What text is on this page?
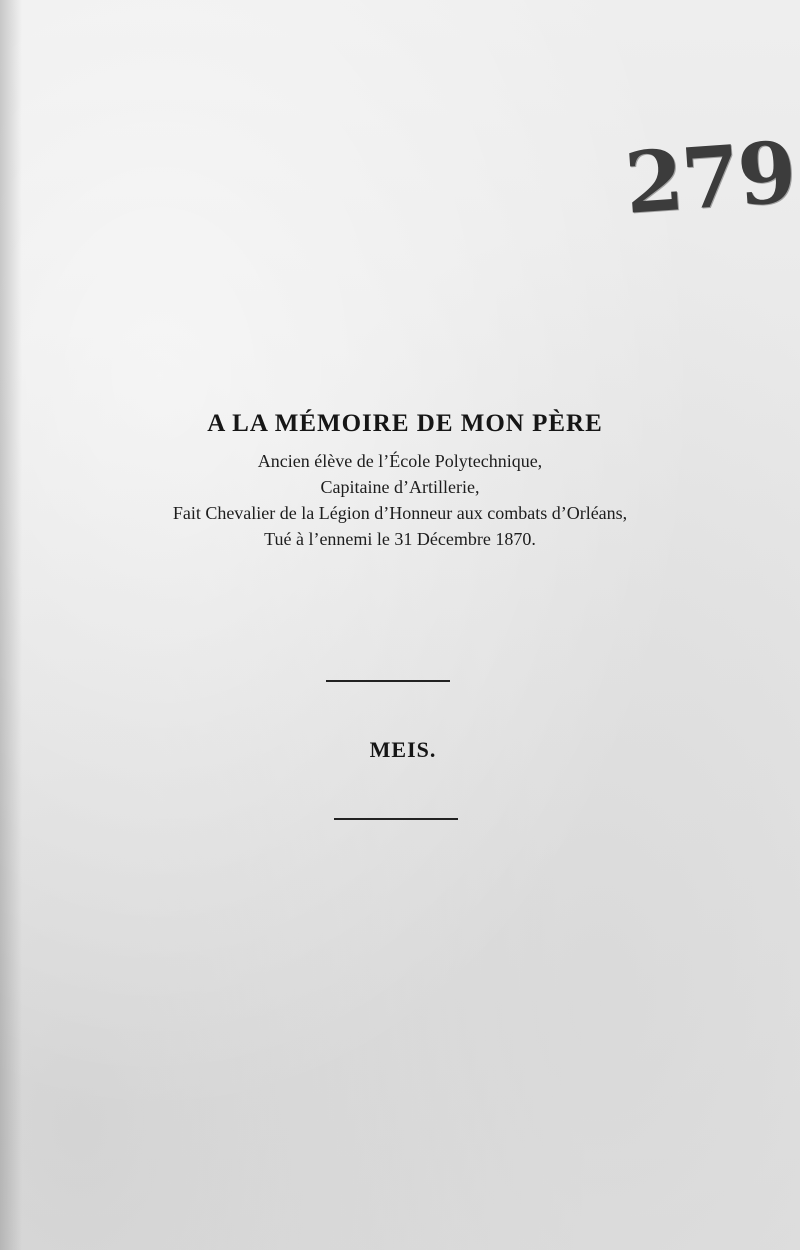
279
A LA MÉMOIRE DE MON PÈRE
Ancien élève de l’École Polytechnique,
Capitaine d’Artillerie,
Fait Chevalier de la Légion d’Honneur aux combats d’Orléans,
Tué à l’ennemi le 31 Décembre 1870.
MEIS.
